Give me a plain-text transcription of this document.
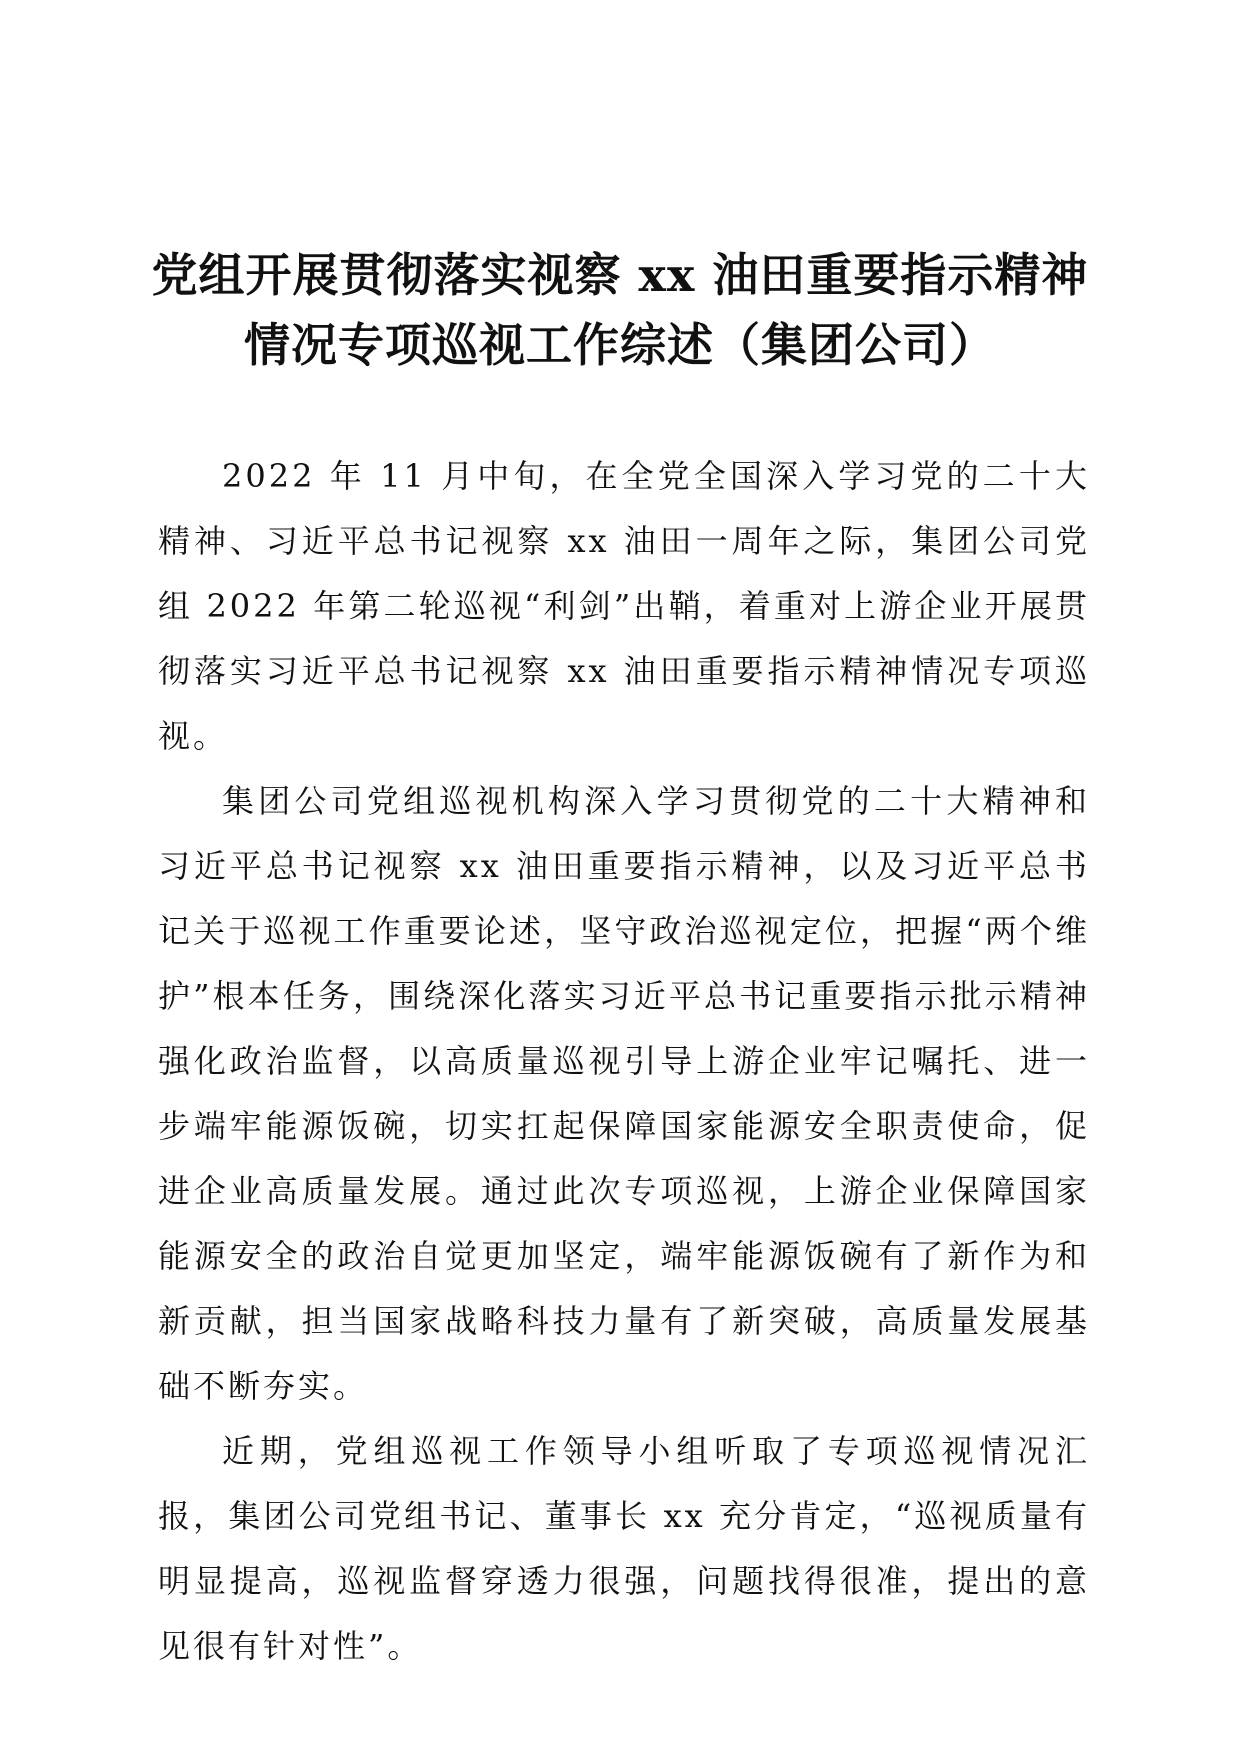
党组开展贯彻落实视察 xx 油田重要指示精神
情况专项巡视工作综述（集团公司）

2022 年 11 月中旬，在全党全国深入学习党的二十大精神、习近平总书记视察 xx 油田一周年之际，集团公司党组 2022 年第二轮巡视“利剑”出鞘，着重对上游企业开展贯彻落实习近平总书记视察 xx 油田重要指示精神情况专项巡视。

集团公司党组巡视机构深入学习贯彻党的二十大精神和习近平总书记视察 xx 油田重要指示精神，以及习近平总书记关于巡视工作重要论述，坚守政治巡视定位，把握“两个维护”根本任务，围绕深化落实习近平总书记重要指示批示精神强化政治监督，以高质量巡视引导上游企业牢记嘱托、进一步端牢能源饭碗，切实扛起保障国家能源安全职责使命，促进企业高质量发展。通过此次专项巡视，上游企业保障国家能源安全的政治自觉更加坚定，端牢能源饭碗有了新作为和新贡献，担当国家战略科技力量有了新突破，高质量发展基础不断夯实。

近期，党组巡视工作领导小组听取了专项巡视情况汇报，集团公司党组书记、董事长 xx 充分肯定，“巡视质量有明显提高，巡视监督穿透力很强，问题找得很准，提出的意见很有针对性”。
